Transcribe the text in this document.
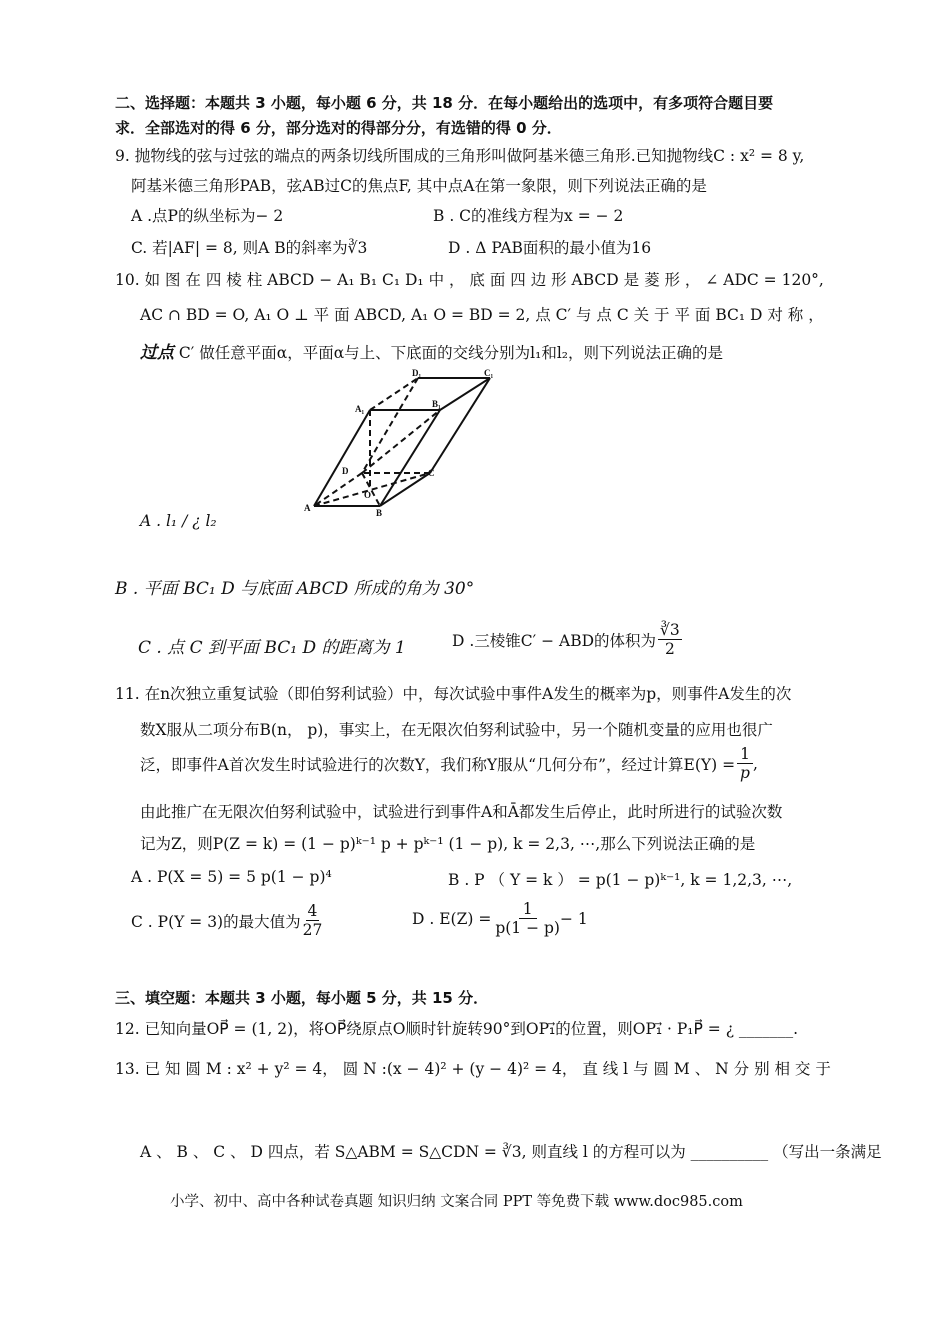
二、选择题：本题共 3 小题，每小题 6 分，共 18 分．在每小题给出的选项中，有多项符合题目要
求．全部选对的得 6 分，部分选对的得部分分，有选错的得 0 分．
9. 抛物线的弦与过弦的端点的两条切线所围成的三角形叫做阿基米德三角形.已知抛物线C : x² = 8 y,
阿基米德三角形PAB，弦AB过C的焦点F, 其中点A在第一象限，则下列说法正确的是
A .点P的纵坐标为− 2	B . C的准线方程为x = − 2
C. 若|AF| = 8, 则A B的斜率为∛3	D . Δ PAB面积的最小值为16
10. 如 图 在 四 棱 柱 ABCD − A₁ B₁ C₁ D₁ 中 ， 底 面 四 边 形 ABCD 是 菱 形 ， ∠ ADC = 120°,
AC ∩ BD = O, A₁ O ⊥ 平 面 ABCD, A₁ O = BD = 2, 点 C′ 与 点 C 关 于 平 面 BC₁ D 对 称 ，
过点 C′ 做任意平面α，平面α与上、下底面的交线分别为l₁和l₂，则下列说法正确的是
D₁	C₁
A₁	B₁
D	C
O
A	B
A . l₁ / ¿ l₂
B . 平面 BC₁ D 与底面 ABCD 所成的角为 30°
C . 点 C 到平面 BC₁ D 的距离为 1	D .三棱锥C′ − ABD的体积为 $\frac{∛3}{2}$
11. 在n次独立重复试验（即伯努利试验）中，每次试验中事件A发生的概率为p，则事件A发生的次
数X服从二项分布B(n， p)，事实上，在无限次伯努利试验中，另一个随机变量的应用也很广
泛，即事件A首次发生时试验进行的次数Y，我们称Y服从“几何分布”，经过计算$E(Y) = \frac{1}{p}$ ,
由此推广在无限次伯努利试验中，试验进行到事件A和Ā都发生后停止，此时所进行的试验次数
记为Z，则P(Z = k) = (1 − p)ᵏ⁻¹ p + pᵏ⁻¹ (1 − p), k = 2,3, ⋯,那么下列说法正确的是
A . P(X = 5) = 5 p(1 − p)⁴	B . P （ Y = k ） = p(1 − p)ᵏ⁻¹, k = 1,2,3, ⋯,
C . P(Y = 3)的最大值为 $\frac{4}{27}$	D . $E(Z) = \frac{1}{p(1 - p)} - 1$
三、填空题：本题共 3 小题，每小题 5 分，共 15 分．
12. 已知向量OP⃗ = (1, 2)，将OP⃗绕原点O顺时针旋转90°到OP₁⃗的位置，则OP₁⃗ · P₁P⃗ = ¿ _______.
13. 已 知 圆 M : x² + y² = 4， 圆 N :(x − 4)² + (y − 4)² = 4， 直 线 l 与 圆 M 、 N 分 别 相 交 于
A 、 B 、 C 、 D 四点，若 S△ABM = S△CDN = ∛3, 则直线 l 的方程可以为 __________ （写出一条满足
小学、初中、高中各种试卷真题 知识归纳 文案合同 PPT 等免费下载 www.doc985.com
